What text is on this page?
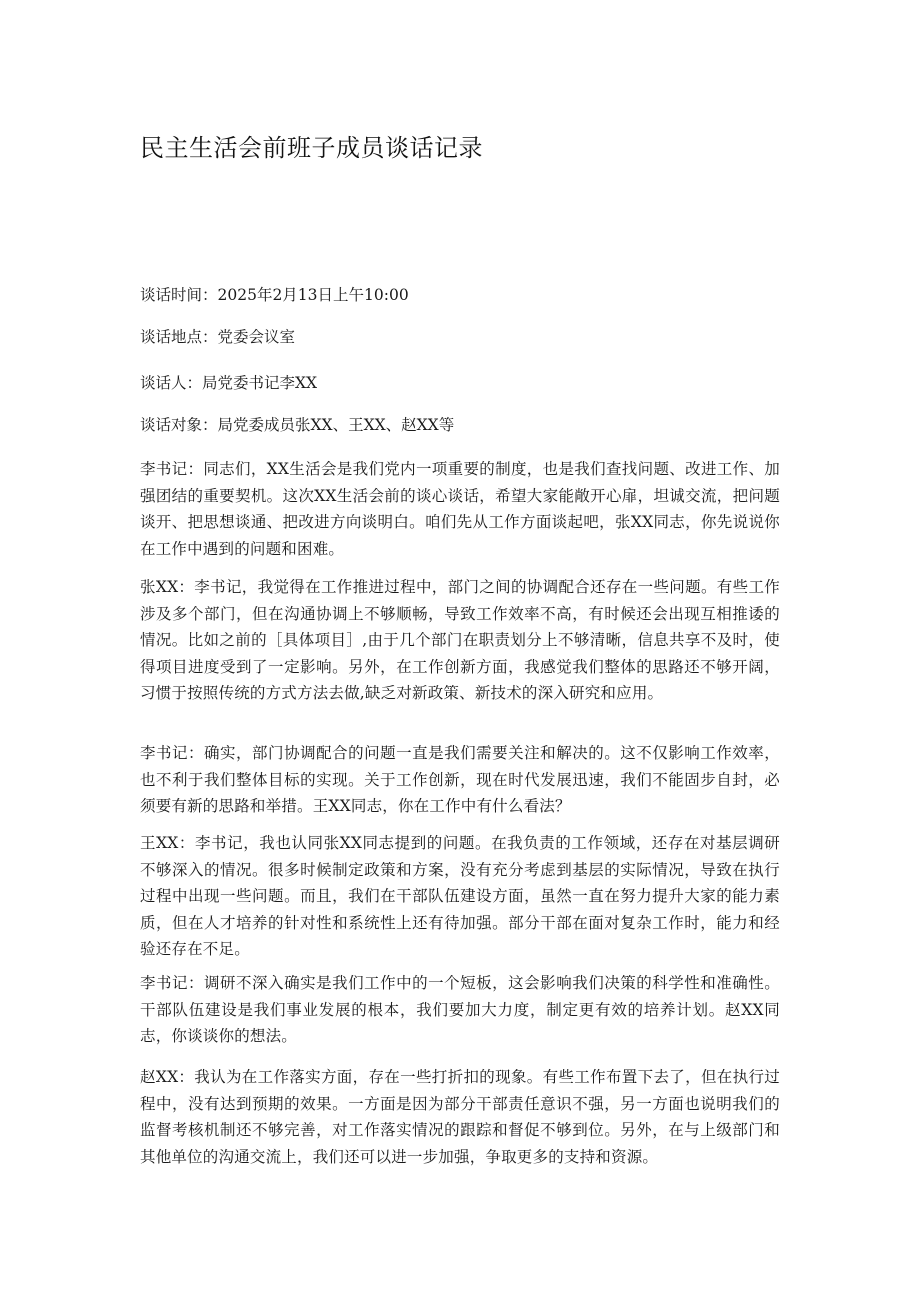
民主生活会前班子成员谈话记录

谈话时间：2025年2月13日上午10:00

谈话地点：党委会议室

谈话人：局党委书记李XX

谈话对象：局党委成员张XX、王XX、赵XX等

李书记：同志们，XX生活会是我们党内一项重要的制度，也是我们查找问题、改进工作、加强团结的重要契机。这次XX生活会前的谈心谈话，希望大家能敞开心扉，坦诚交流，把问题谈开、把思想谈通、把改进方向谈明白。咱们先从工作方面谈起吧，张XX同志，你先说说你在工作中遇到的问题和困难。

张XX：李书记，我觉得在工作推进过程中，部门之间的协调配合还存在一些问题。有些工作涉及多个部门，但在沟通协调上不够顺畅，导致工作效率不高，有时候还会出现互相推诿的情况。比如之前的［具体项目］,由于几个部门在职责划分上不够清晰，信息共享不及时，使得项目进度受到了一定影响。另外，在工作创新方面，我感觉我们整体的思路还不够开阔，习惯于按照传统的方式方法去做,缺乏对新政策、新技术的深入研究和应用。

李书记：确实，部门协调配合的问题一直是我们需要关注和解决的。这不仅影响工作效率，也不利于我们整体目标的实现。关于工作创新，现在时代发展迅速，我们不能固步自封，必须要有新的思路和举措。王XX同志，你在工作中有什么看法？

王XX：李书记，我也认同张XX同志提到的问题。在我负责的工作领域，还存在对基层调研不够深入的情况。很多时候制定政策和方案，没有充分考虑到基层的实际情况，导致在执行过程中出现一些问题。而且，我们在干部队伍建设方面，虽然一直在努力提升大家的能力素质，但在人才培养的针对性和系统性上还有待加强。部分干部在面对复杂工作时，能力和经验还存在不足。

李书记：调研不深入确实是我们工作中的一个短板，这会影响我们决策的科学性和准确性。干部队伍建设是我们事业发展的根本，我们要加大力度，制定更有效的培养计划。赵XX同志，你谈谈你的想法。

赵XX：我认为在工作落实方面，存在一些打折扣的现象。有些工作布置下去了，但在执行过程中，没有达到预期的效果。一方面是因为部分干部责任意识不强，另一方面也说明我们的监督考核机制还不够完善，对工作落实情况的跟踪和督促不够到位。另外，在与上级部门和其他单位的沟通交流上，我们还可以进一步加强，争取更多的支持和资源。
